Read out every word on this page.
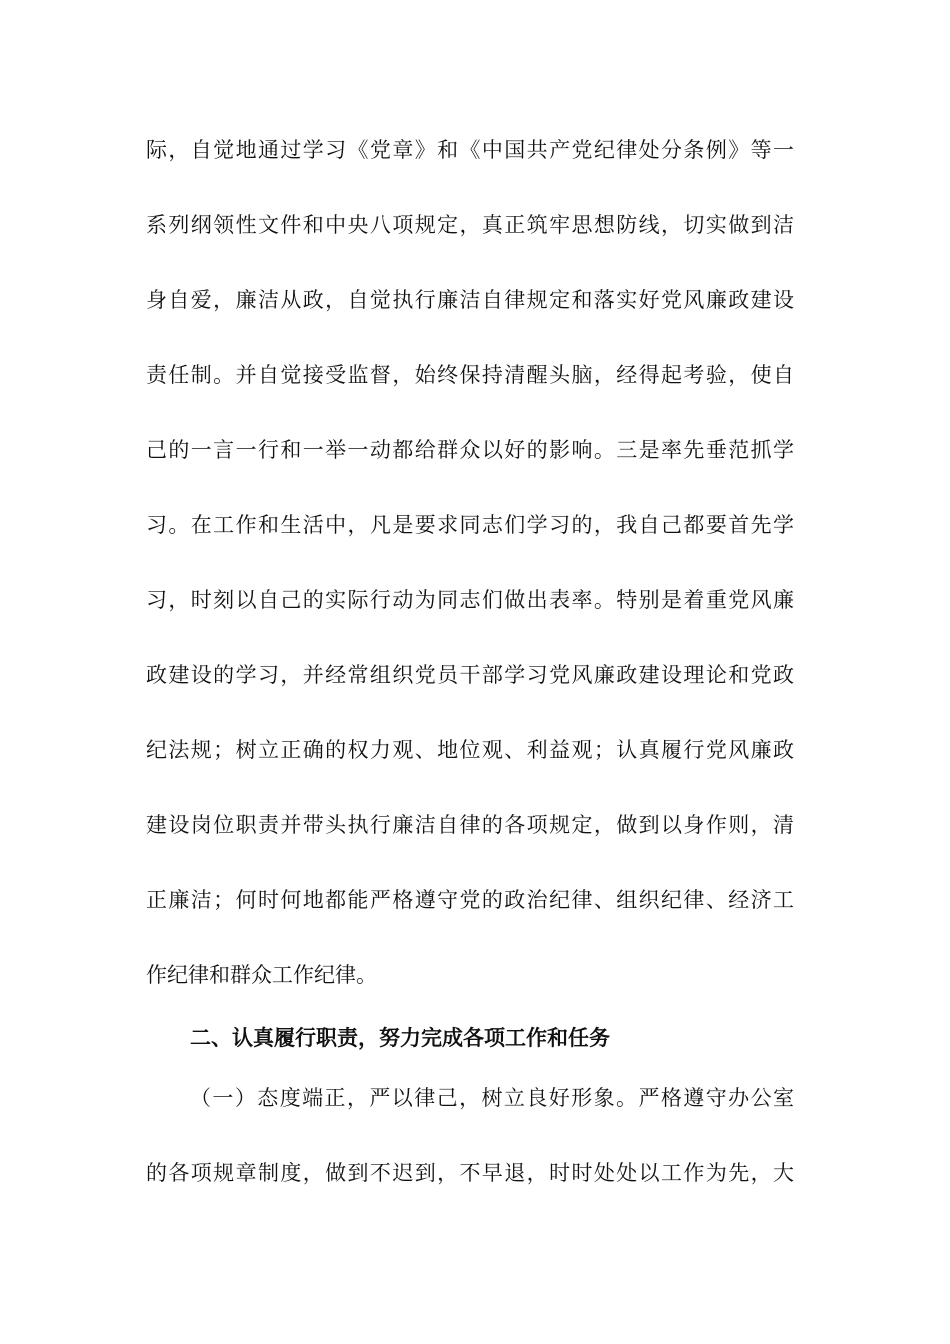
际，自觉地通过学习《党章》和《中国共产党纪律处分条例》等一
系列纲领性文件和中央八项规定，真正筑牢思想防线，切实做到洁
身自爱，廉洁从政，自觉执行廉洁自律规定和落实好党风廉政建设
责任制。并自觉接受监督，始终保持清醒头脑，经得起考验，使自
己的一言一行和一举一动都给群众以好的影响。三是率先垂范抓学
习。在工作和生活中，凡是要求同志们学习的，我自己都要首先学
习，时刻以自己的实际行动为同志们做出表率。特别是着重党风廉
政建设的学习，并经常组织党员干部学习党风廉政建设理论和党政
纪法规；树立正确的权力观、地位观、利益观；认真履行党风廉政
建设岗位职责并带头执行廉洁自律的各项规定，做到以身作则，清
正廉洁；何时何地都能严格遵守党的政治纪律、组织纪律、经济工
作纪律和群众工作纪律。
二、认真履行职责，努力完成各项工作和任务
（一）态度端正，严以律己，树立良好形象。严格遵守办公室
的各项规章制度，做到不迟到，不早退，时时处处以工作为先，大
